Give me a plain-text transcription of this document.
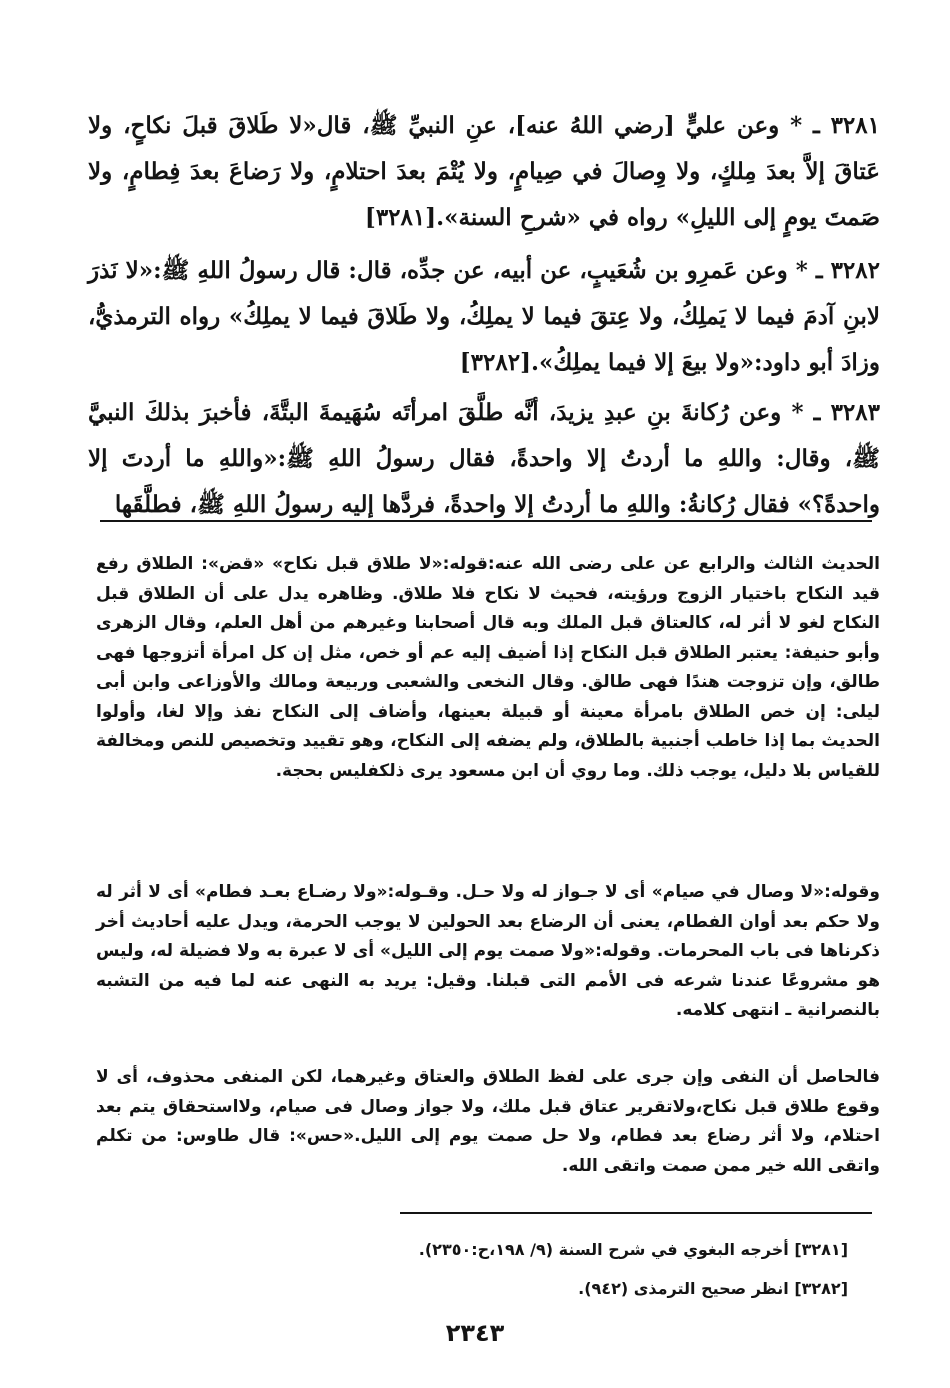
٣٢٨١ ـ * وعن عليٍّ [رضي اللهُ عنه]، عنِ النبيِّ ﷺ، قال«لا طَلاقَ قبلَ نكاحٍ، ولا عَتاقَ إلاَّ بعدَ مِلكٍ، ولا وِصالَ في صِيامٍ، ولا يُتْمَ بعدَ احتلامٍ، ولا رَضاعَ بعدَ فِطامٍ، ولا صَمتَ يومٍ إلى الليلِ» رواه في «شرحِ السنة».[٣٢٨١]

٣٢٨٢ ـ * وعن عَمرِو بن شُعَيبٍ، عن أبيه، عن جدِّه، قال: قال رسولُ اللهِ ﷺ:«لا نَذرَ لابنِ آدمَ فيما لا يَملِكُ، ولا عِتقَ فيما لا يملِكُ، ولا طَلاقَ فيما لا يملِكُ» رواه الترمذيُّ، وزادَ أبو داود:«ولا بيعَ إلا فيما يملِكُ».[٣٢٨٢]

٣٢٨٣ ـ * وعن رُكانةَ بنِ عبدِ يزيدَ، أنَّه طلَّقَ امرأتَه سُهَيمةَ البتَّةَ، فأخبرَ بذلكَ النبيَّ ﷺ، وقال: واللهِ ما أردتُ إلا واحدةً، فقال رسولُ اللهِ ﷺ:«واللهِ ما أردتَ إلا واحدةً؟» فقال رُكانةُ: واللهِ ما أردتُ إلا واحدةً، فردَّها إليه رسولُ اللهِ ﷺ، فطلَّقَها

الحديث الثالث والرابع عن على رضى الله عنه:قوله:«لا طلاق قبل نكاح» «قض»: الطلاق رفع قيد النكاح باختيار الزوج ورؤيته، فحيث لا نكاح فلا طلاق. وظاهره يدل على أن الطلاق قبل النكاح لغو لا أثر له، كالعتاق قبل الملك وبه قال أصحابنا وغيرهم من أهل العلم، وقال الزهرى وأبو حنيفة: يعتبر الطلاق قبل النكاح إذا أضيف إليه عم أو خص، مثل إن كل امرأة أتزوجها فهى طالق، وإن تزوجت هندًا فهى طالق. وقال النخعى والشعبى وربيعة ومالك والأوزاعى وابن أبى ليلى: إن خص الطلاق بامرأة معينة أو قبيلة بعينها، وأضاف إلى النكاح نفذ وإلا لغا، وأولوا الحديث بما إذا خاطب أجنبية بالطلاق، ولم يضفه إلى النكاح، وهو تقييد وتخصيص للنص ومخالفة للقياس بلا دليل، يوجب ذلك. وما روي أن ابن مسعود يرى ذلكفليس بحجة.

وقوله:«لا وصال في صيام» أى لا جـواز له ولا حـل. وقـوله:«ولا رضـاع بعـد فطام» أى لا أثر له ولا حكم بعد أوان الفطام، يعنى أن الرضاع بعد الحولين لا يوجب الحرمة، ويدل عليه أحاديث أخر ذكرناها فى باب المحرمات. وقوله:«ولا صمت يوم إلى الليل» أى لا عبرة به ولا فضيلة له، وليس هو مشروعًا عندنا شرعه فى الأمم التى قبلنا. وقيل: يريد به النهى عنه لما فيه من التشبه بالنصرانية ـ انتهى كلامه.

فالحاصل أن النفى وإن جرى على لفظ الطلاق والعتاق وغيرهما، لكن المنفى محذوف، أى لا وقوع طلاق قبل نكاح،ولاتقرير عتاق قبل ملك، ولا جواز وصال فى صيام، ولااستحقاق يتم بعد احتلام، ولا أثر رضاع بعد فطام، ولا حل صمت يوم إلى الليل.«حس»: قال طاوس: من تكلم واتقى الله خير ممن صمت واتقى الله.

[٣٢٨١] أخرجه البغوي في شرح السنة (٩/ ١٩٨،ح:٢٣٥٠).

[٣٢٨٢] انظر صحيح الترمذى (٩٤٢).

٢٣٤٣
